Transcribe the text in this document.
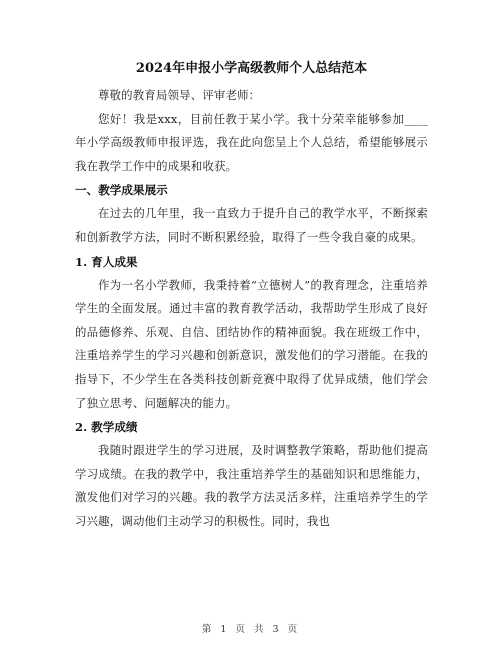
2024年申报小学高级教师个人总结范本

尊敬的教育局领导、评审老师：

您好！我是xxx，目前任教于某小学。我十分荣幸能够参加____年小学高级教师申报评选，我在此向您呈上个人总结，希望能够展示我在教学工作中的成果和收获。

一、教学成果展示

在过去的几年里，我一直致力于提升自己的教学水平，不断探索和创新教学方法，同时不断积累经验，取得了一些令我自豪的成果。

1. 育人成果

作为一名小学教师，我秉持着“立德树人”的教育理念，注重培养学生的全面发展。通过丰富的教育教学活动，我帮助学生形成了良好的品德修养、乐观、自信、团结协作的精神面貌。我在班级工作中，注重培养学生的学习兴趣和创新意识，激发他们的学习潜能。在我的指导下，不少学生在各类科技创新竞赛中取得了优异成绩，他们学会了独立思考、问题解决的能力。

2. 教学成绩

我随时跟进学生的学习进展，及时调整教学策略，帮助他们提高学习成绩。在我的教学中，我注重培养学生的基础知识和思维能力，激发他们对学习的兴趣。我的教学方法灵活多样，注重培养学生的学习兴趣，调动他们主动学习的积极性。同时，我也

第 1 页 共 3 页
